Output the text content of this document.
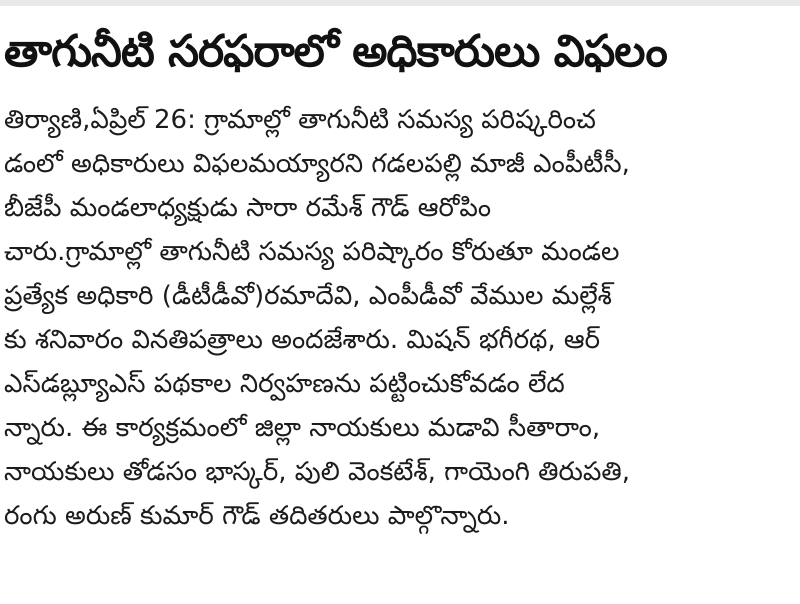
తాగునీటి సరఫరాలో అధికారులు విఫలం
తిర్యాణి,ఏప్రిల్ 26: గ్రామాల్లో తాగునీటి సమస్య పరిష్కరించ
డంలో అధికారులు విఫలమయ్యారని గడలపల్లి మాజీ ఎంపీటీసీ,
బీజేపీ మండలాధ్యక్షుడు సారా రమేశ్ గౌడ్ ఆరోపిం
చారు.గ్రామాల్లో తాగునీటి సమస్య పరిష్కారం కోరుతూ మండల
ప్రత్యేక అధికారి (డీటీడీవో)రమాదేవి, ఎంపీడీవో వేముల మల్లేశ్
కు శనివారం వినతిపత్రాలు అందజేశారు. మిషన్ భగీరథ, ఆర్
ఎస్‌డబ్ల్యూఎస్ పథకాల నిర్వహణను పట్టించుకోవడం లేద
న్నారు. ఈ కార్యక్రమంలో జిల్లా నాయకులు మడావి సీతారాం,
నాయకులు తోడసం భాస్కర్, పులి వెంకటేశ్, గాయెంగి తిరుపతి,
రంగు అరుణ్ కుమార్ గౌడ్ తదితరులు పాల్గొన్నారు.
